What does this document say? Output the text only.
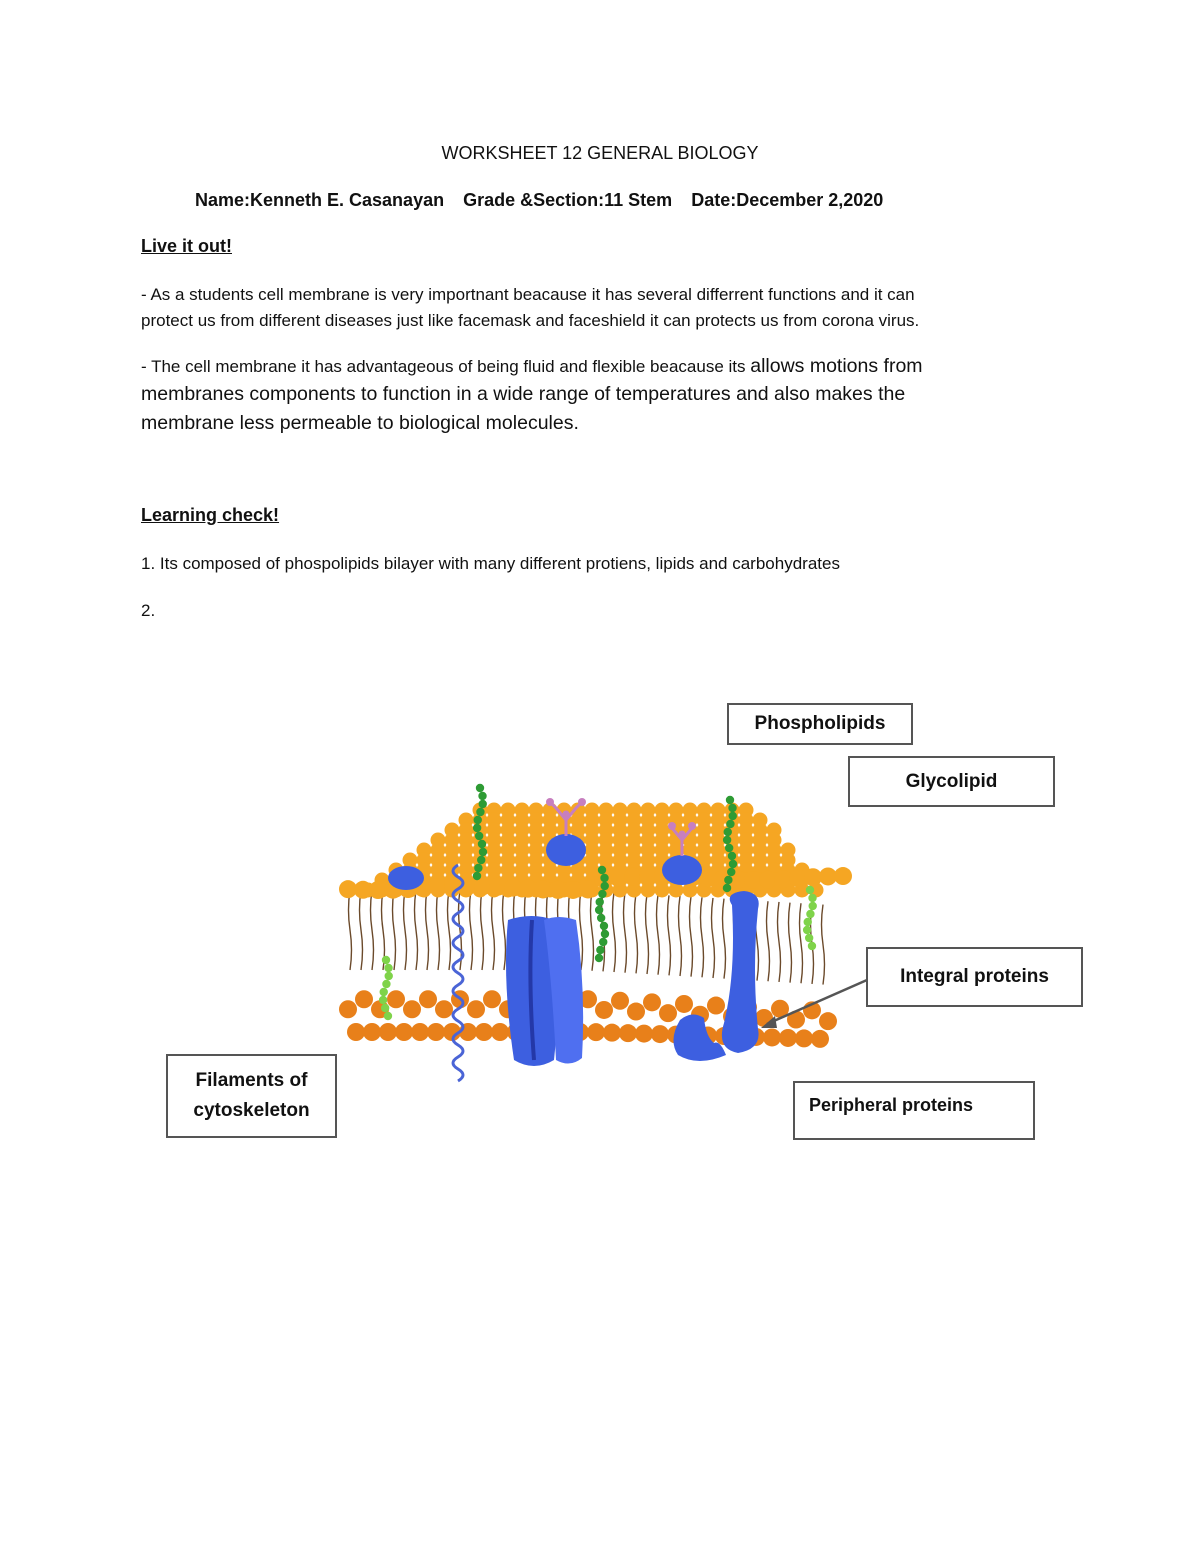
WORKSHEET 12 GENERAL BIOLOGY
Name:Kenneth E. Casanayan Grade &Section:11 Stem Date:December 2,2020
Live it out!
- As a students cell membrane is very importnant beacause it has several differrent functions and it can
protect us from different diseases just like facemask and faceshield it can protects us from corona virus.
- The cell membrane it has advantageous of being fluid and flexible beacause its allows motions from
membranes components to function in a wide range of temperatures and also makes the
membrane less permeable to biological molecules.
Learning check!
1. Its composed of phospolipids bilayer with many different protiens, lipids and carbohydrates
2.
Phospholipids
Glycolipid
Integral proteins
Filaments of
cytoskeleton	Peripheral proteins
